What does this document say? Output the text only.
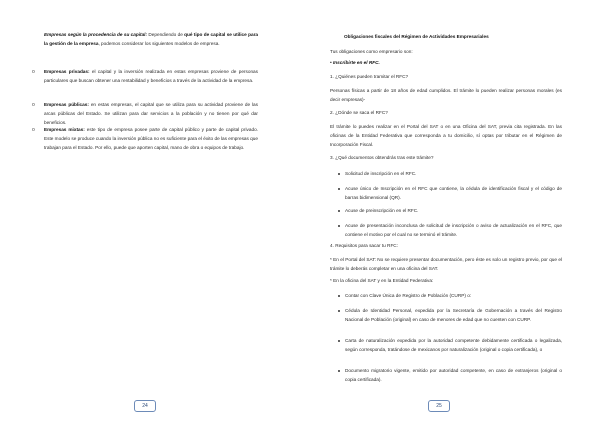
Empresas según la procedencia de su capital: Dependiendo de qué tipo de capital se utilice para la gestión de la empresa, podemos considerar los siguientes modelos de empresa.
o Empresas privadas: el capital y la inversión realizada en estas empresas proviene de personas particulares que buscan obtener una rentabilidad y beneficios a través de la actividad de la empresa.
o Empresas públicas: en estas empresas, el capital que se utiliza para su actividad proviene de las arcas públicas del Estado. Se utilizan para dar servicios a la población y no tienen por qué dar beneficios.
o Empresas mixtas: este tipo de empresa posee parte de capital público y parte de capital privado. Este modelo se produce cuando la inversión pública no es suficiente para el éxito de las empresas que trabajan para el Estado. Por ello, puede que aporten capital, mano de obra o equipos de trabajo.
24
Obligaciones fiscales del Régimen de Actividades Empresariales
Tus obligaciones como empresario son:
• Inscribirte en el RFC.
1. ¿Quiénes pueden tramitar el RFC?
Personas físicas a partir de 18 años de edad cumplidos. El trámite lo pueden realizar personas morales (es decir empresas)-
2. ¿Dónde se saca el RFC?
El trámite lo puedes realizar en el Portal del SAT o en una Oficina del SAT, previa cita registrada. En las oficinas de la Entidad Federativa que corresponda a tu domicilio, sí optas por tributar en el Régimen de Incorporación Fiscal.
3. ¿Qué documentos obtendrás tras este trámite?
Solicitud de inscripción en el RFC.
Acuse único de Inscripción en el RFC que contiene, la cédula de identificación fiscal y el código de barras bidimensional (QR).
Acuse de preinscripción en el RFC.
Acuse de presentación inconclusa de solicitud de inscripción o aviso de actualización en el RFC, que contiene el motivo por el cual no se terminó el trámite.
4. Requisitos para sacar tu RFC:
* En el Portal del SAT: No se requiere presentar documentación, pero éste es solo un registro previo, por que el trámite lo deberás completar en una oficina del SAT.
* En la oficina del SAT y en la Entidad Federativa:
Contar con Clave Única de Registro de Población (CURP) o:
Cédula de Identidad Personal, expedida por la Secretaría de Gobernación a través del Registro Nacional de Población (original) en caso de menores de edad que no cuenten con CURP.
Carta de naturalización expedida por la autoridad competente debidamente certificada o legalizada, según corresponda, tratándose de mexicanos por naturalización (original o copia certificada), o
Documento migratorio vigente, emitido por autoridad competente, en caso de extranjeros (original o copia certificada).
25
